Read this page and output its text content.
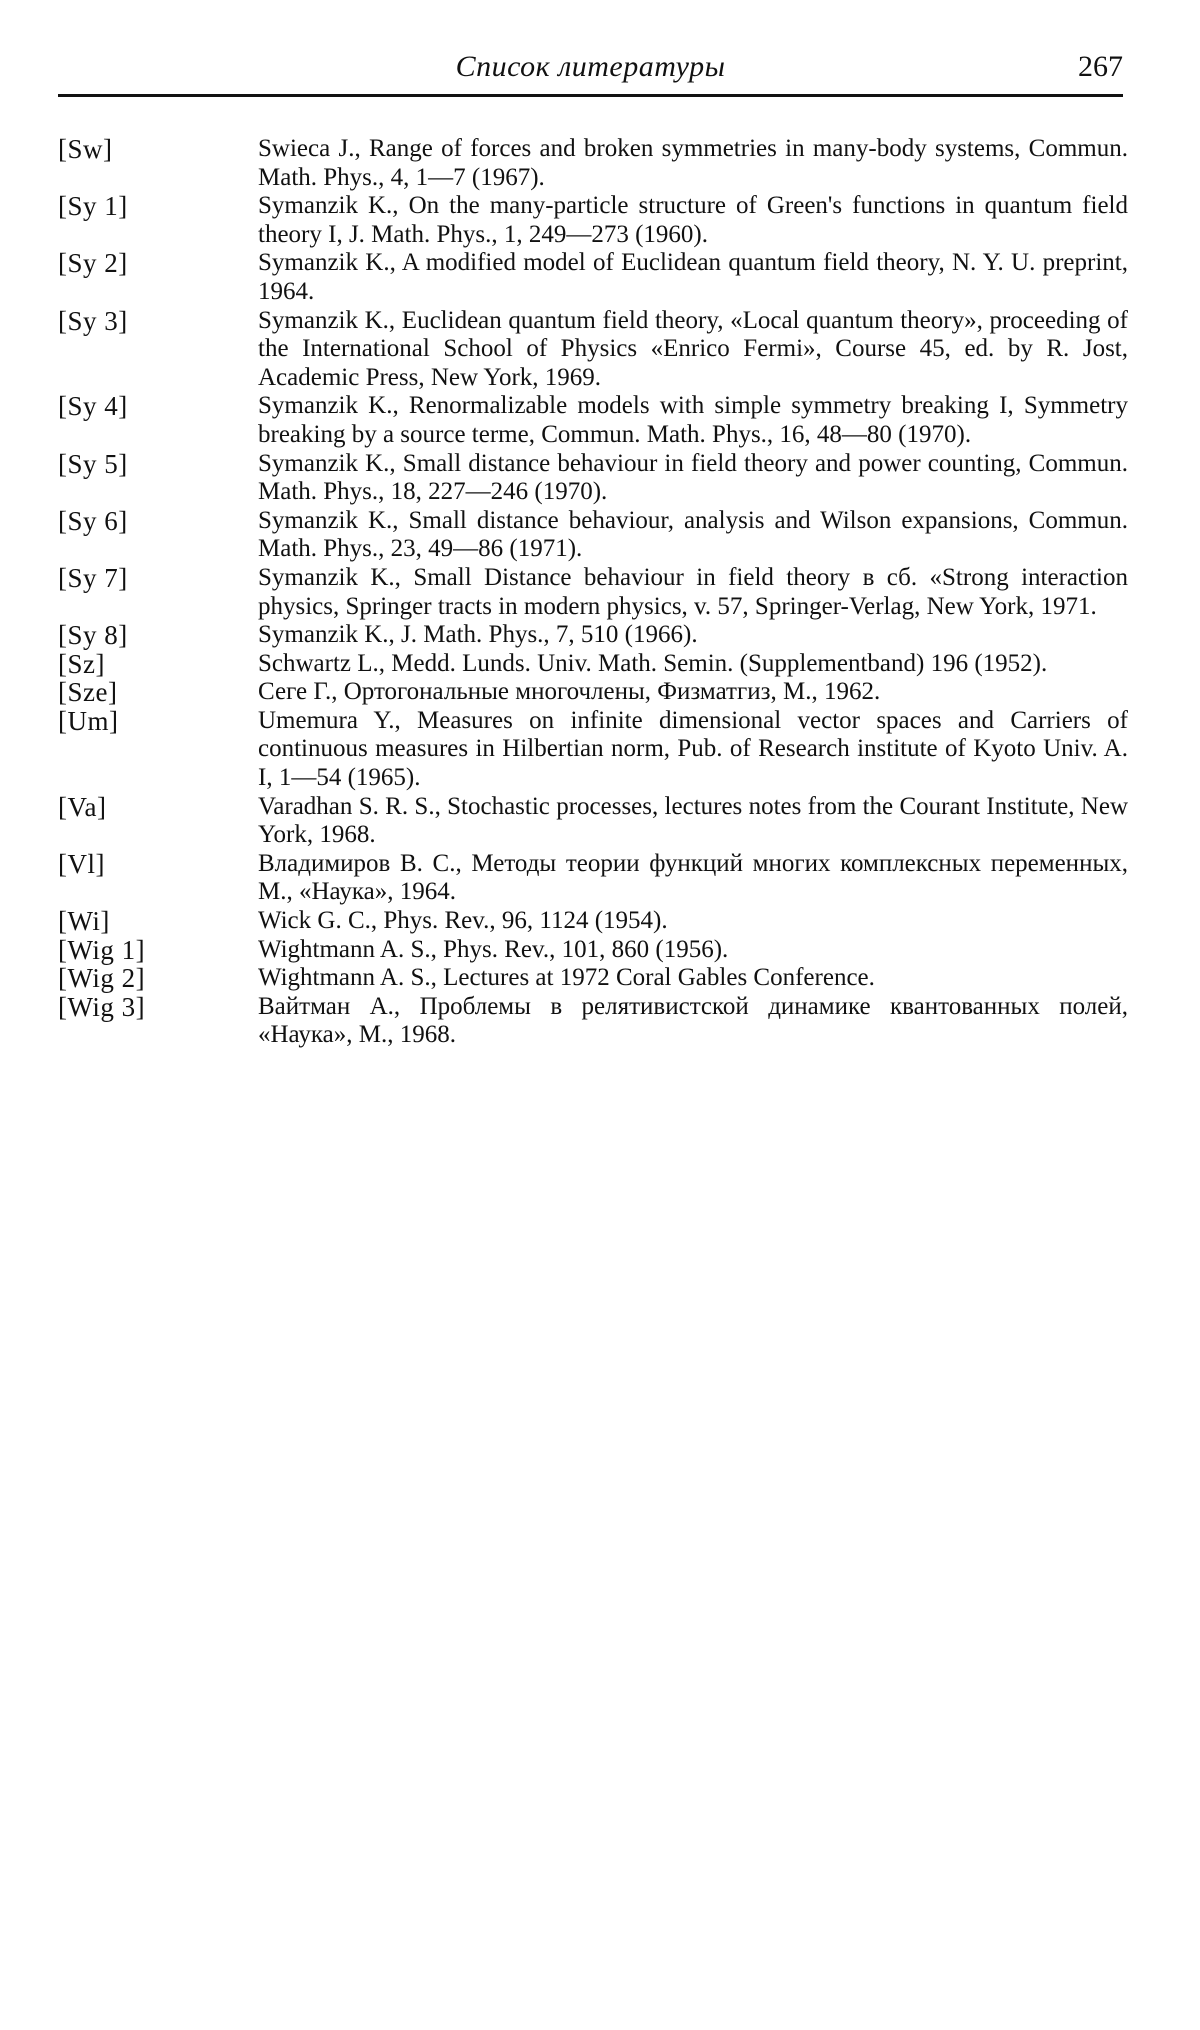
Список литературы	267
[Sw]	Swieca J., Range of forces and broken symmetries in many-body systems, Commun. Math. Phys., 4, 1—7 (1967).
[Sy 1]	Symanzik K., On the many-particle structure of Green's functions in quantum field theory I, J. Math. Phys., 1, 249—273 (1960).
[Sy 2]	Symanzik K., A modified model of Euclidean quantum field theory, N. Y. U. preprint, 1964.
[Sy 3]	Symanzik K., Euclidean quantum field theory, «Local quantum theory», proceeding of the International School of Physics «Enrico Fermi», Course 45, ed. by R. Jost, Academic Press, New York, 1969.
[Sy 4]	Symanzik K., Renormalizable models with simple symmetry breaking I, Symmetry breaking by a source terme, Commun. Math. Phys., 16, 48—80 (1970).
[Sy 5]	Symanzik K., Small distance behaviour in field theory and power counting, Commun. Math. Phys., 18, 227—246 (1970).
[Sy 6]	Symanzik K., Small distance behaviour, analysis and Wilson expansions, Commun. Math. Phys., 23, 49—86 (1971).
[Sy 7]	Symanzik K., Small Distance behaviour in field theory в сб. «Strong interaction physics, Springer tracts in modern physics, v. 57, Springer-Verlag, New York, 1971.
[Sy 8]	Symanzik K., J. Math. Phys., 7, 510 (1966).
[Sz]	Schwartz L., Medd. Lunds. Univ. Math. Semin. (Supplementband) 196 (1952).
[Sze]	Сеге Г., Ортогональные многочлены, Физматгиз, М., 1962.
[Um]	Umemura Y., Measures on infinite dimensional vector spaces and Carriers of continuous measures in Hilbertian norm, Pub. of Research institute of Kyoto Univ. A. I, 1—54 (1965).
[Va]	Varadhan S. R. S., Stochastic processes, lectures notes from the Courant Institute, New York, 1968.
[Vl]	Владимиров В. С., Методы теории функций многих комплексных переменных, М., «Наука», 1964.
[Wi]	Wick G. C., Phys. Rev., 96, 1124 (1954).
[Wig 1]	Wightmann A. S., Phys. Rev., 101, 860 (1956).
[Wig 2]	Wightmann A. S., Lectures at 1972 Coral Gables Conference.
[Wig 3]	Вайтман А., Проблемы в релятивистской динамике квантованных полей, «Наука», М., 1968.
